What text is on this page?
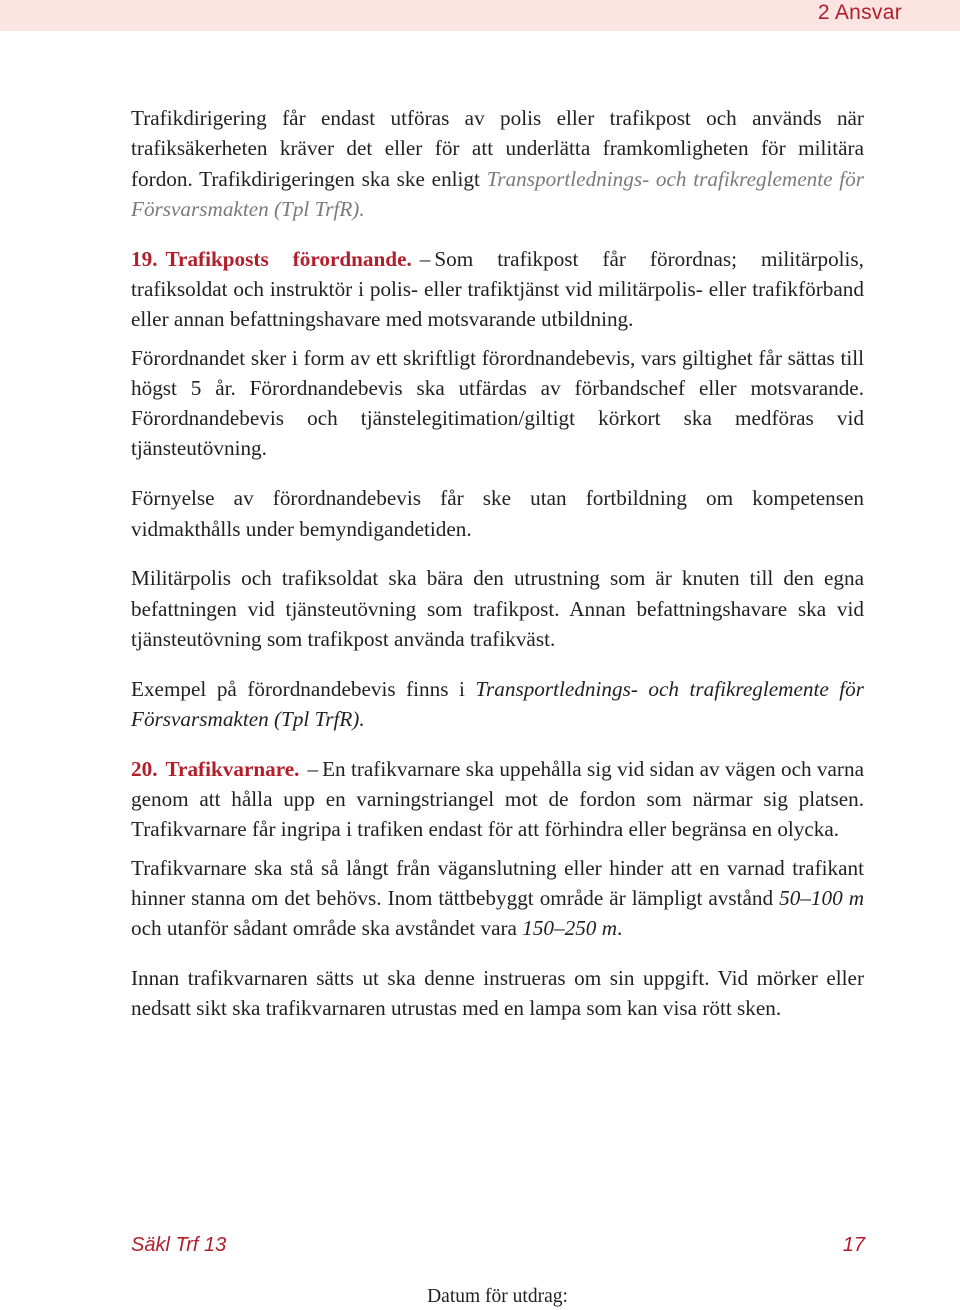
2 Ansvar

Trafikdirigering får endast utföras av polis eller trafikpost och används när trafiksäkerheten kräver det eller för att underlätta framkomligheten för militära fordon. Trafikdirigeringen ska ske enligt Transportlednings- och trafikreglemente för Försvarsmakten (Tpl TrfR).

19. Trafikposts förordnande. – Som trafikpost får förordnas; militärpolis, trafiksoldat och instruktör i polis- eller trafiktjänst vid militärpolis- eller trafikförband eller annan befattningshavare med motsvarande utbildning.

Förordnandet sker i form av ett skriftligt förordnandebevis, vars giltighet får sättas till högst 5 år. Förordnandebevis ska utfärdas av förbandschef eller motsvarande. Förordnandebevis och tjänstelegitimation/giltigt körkort ska medföras vid tjänsteutövning.

Förnyelse av förordnandebevis får ske utan fortbildning om kompetensen vidmakthålls under bemyndigandetiden.

Militärpolis och trafiksoldat ska bära den utrustning som är knuten till den egna befattningen vid tjänsteutövning som trafikpost. Annan befattningshavare ska vid tjänsteutövning som trafikpost använda trafikväst.

Exempel på förordnandebevis finns i Transportlednings- och trafikreglemente för Försvarsmakten (Tpl TrfR).

20. Trafikvarnare. – En trafikvarnare ska uppehålla sig vid sidan av vägen och varna genom att hålla upp en varningstriangel mot de fordon som närmar sig platsen. Trafikvarnare får ingripa i trafiken endast för att förhindra eller begränsa en olycka.

Trafikvarnare ska stå så långt från väganslutning eller hinder att en varnad trafikant hinner stanna om det behövs. Inom tättbebyggt område är lämpligt avstånd 50–100 m och utanför sådant område ska avståndet vara 150–250 m.

Innan trafikvarnaren sätts ut ska denne instrueras om sin uppgift. Vid mörker eller nedsatt sikt ska trafikvarnaren utrustas med en lampa som kan visa rött sken.

Säkl Trf 13	17
Datum för utdrag:
